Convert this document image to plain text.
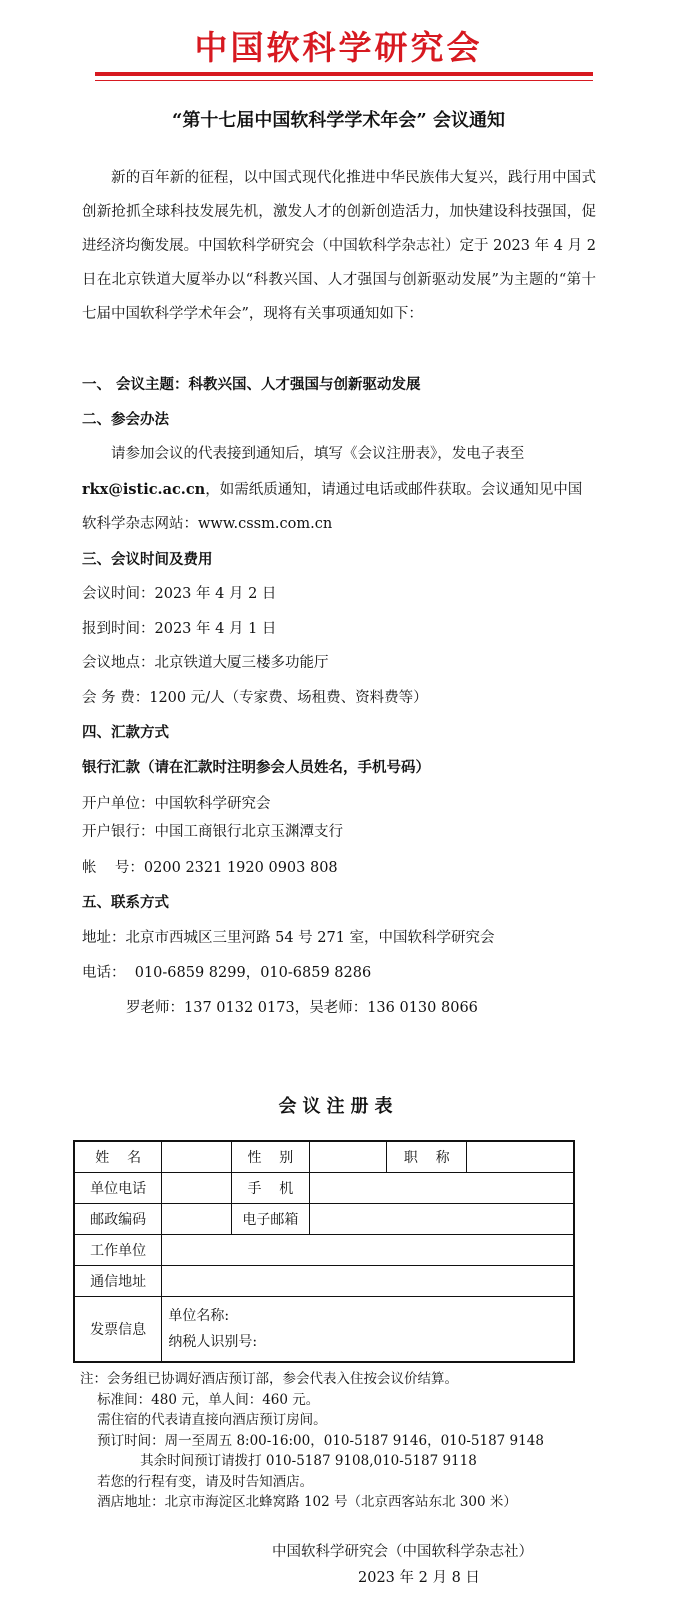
中国软科学研究会
“第十七届中国软科学学术年会” 会议通知
新的百年新的征程，以中国式现代化推进中华民族伟大复兴，践行用中国式创新抢抓全球科技发展先机，激发人才的创新创造活力，加快建设科技强国，促进经济均衡发展。中国软科学研究会（中国软科学杂志社）定于 2023 年 4 月 2 日在北京铁道大厦举办以“科教兴国、人才强国与创新驱动发展”为主题的“第十七届中国软科学学术年会”，现将有关事项通知如下：
一、 会议主题：科教兴国、人才强国与创新驱动发展
二、参会办法
请参加会议的代表接到通知后，填写《会议注册表》，发电子表至
rkx@istic.ac.cn，如需纸质通知，请通过电话或邮件获取。会议通知见中国
软科学杂志网站：www.cssm.com.cn
三、会议时间及费用
会议时间：2023 年 4 月 2 日
报到时间：2023 年 4 月 1 日
会议地点：北京铁道大厦三楼多功能厅
会 务 费：1200 元/人（专家费、场租费、资料费等）
四、汇款方式
银行汇款（请在汇款时注明参会人员姓名，手机号码）
开户单位：中国软科学研究会
开户银行：中国工商银行北京玉渊潭支行
帐    号：0200 2321 1920 0903 808
五、联系方式
地址：北京市西城区三里河路 54 号 271 室，中国软科学研究会
电话：  010-6859 8299，010-6859 8286
罗老师：137 0132 0173，吴老师：136 0130 8066
会议注册表
姓    名		性    别		职    称	
单位电话		手    机			
邮政编码		电子邮箱			
工作单位					
通信地址					
发票信息	单位名称:
纳税人识别号:				
注：会务组已协调好酒店预订部，参会代表入住按会议价结算。
标准间：480 元，单人间：460 元。
需住宿的代表请直接向酒店预订房间。
预订时间：周一至周五 8:00-16:00，010-5187 9146，010-5187 9148
其余时间预订请拨打 010-5187 9108,010-5187 9118
若您的行程有变，请及时告知酒店。
酒店地址：北京市海淀区北蜂窝路 102 号（北京西客站东北 300 米）
中国软科学研究会（中国软科学杂志社）
2023 年 2 月 8 日
